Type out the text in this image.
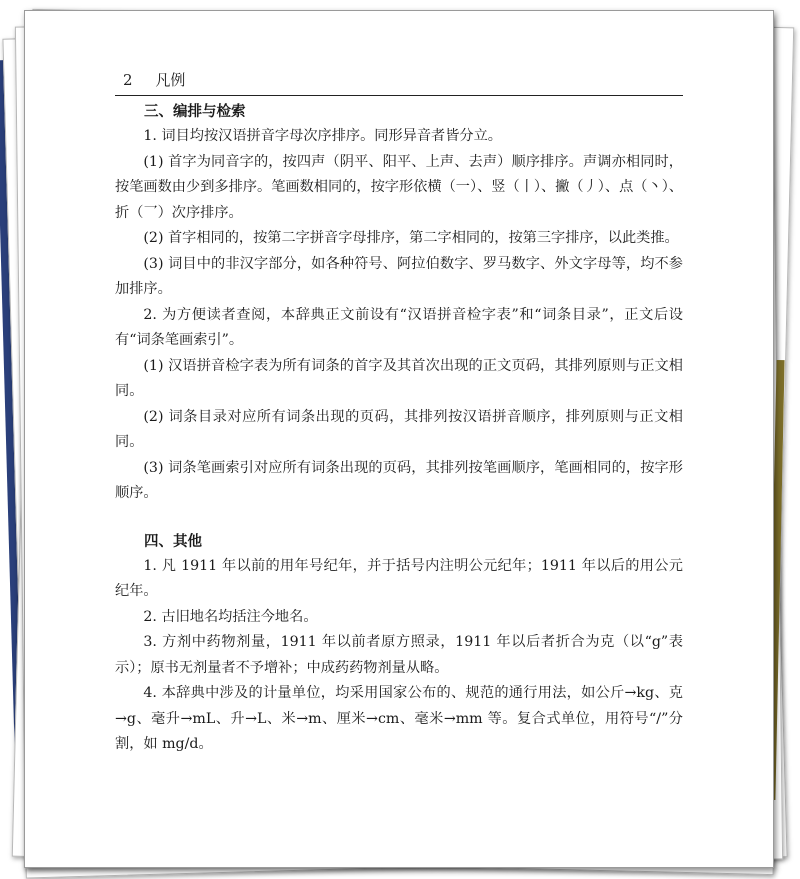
2 凡例
三、编排与检索

1. 词目均按汉语拼音字母次序排序。同形异音者皆分立。

(1) 首字为同音字的，按四声（阴平、阳平、上声、去声）顺序排序。声调亦相同时，按笔画数由少到多排序。笔画数相同的，按字形依横（一）、竖（丨）、撇（丿）、点（丶）、折（乛）次序排序。

(2) 首字相同的，按第二字拼音字母排序，第二字相同的，按第三字排序，以此类推。

(3) 词目中的非汉字部分，如各种符号、阿拉伯数字、罗马数字、外文字母等，均不参加排序。

2. 为方便读者查阅，本辞典正文前设有“汉语拼音检字表”和“词条目录”，正文后设有“词条笔画索引”。

(1) 汉语拼音检字表为所有词条的首字及其首次出现的正文页码，其排列原则与正文相同。

(2) 词条目录对应所有词条出现的页码，其排列按汉语拼音顺序，排列原则与正文相同。

(3) 词条笔画索引对应所有词条出现的页码，其排列按笔画顺序，笔画相同的，按字形顺序。

四、其他

1. 凡 1911 年以前的用年号纪年，并于括号内注明公元纪年；1911 年以后的用公元纪年。

2. 古旧地名均括注今地名。

3. 方剂中药物剂量，1911 年以前者原方照录，1911 年以后者折合为克（以“g”表示）；原书无剂量者不予增补；中成药药物剂量从略。

4. 本辞典中涉及的计量单位，均采用国家公布的、规范的通行用法，如公斤→kg、克→g、毫升→mL、升→L、米→m、厘米→cm、毫米→mm 等。复合式单位，用符号“/”分割，如 mg/d。
